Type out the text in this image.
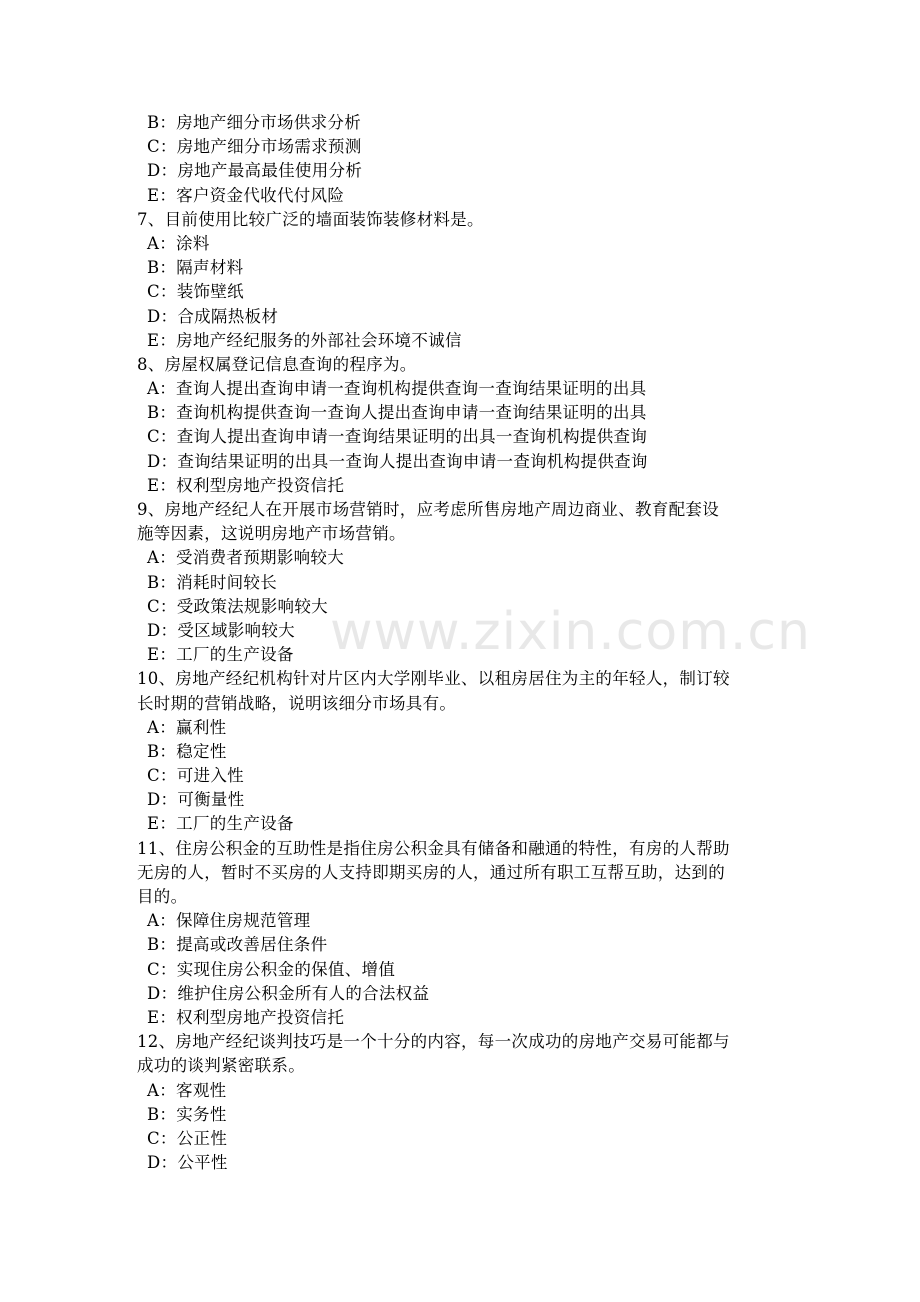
www.zixin.com.cn
B：房地产细分市场供求分析
C：房地产细分市场需求预测
D：房地产最高最佳使用分析
E：客户资金代收代付风险
7、目前使用比较广泛的墙面装饰装修材料是。
A：涂料
B：隔声材料
C：装饰壁纸
D：合成隔热板材
E：房地产经纪服务的外部社会环境不诚信
8、房屋权属登记信息查询的程序为。
A：查询人提出查询申请一查询机构提供查询一查询结果证明的出具
B：查询机构提供查询一查询人提出查询申请一查询结果证明的出具
C：查询人提出查询申请一查询结果证明的出具一查询机构提供查询
D：查询结果证明的出具一查询人提出查询申请一查询机构提供查询
E：权利型房地产投资信托
9、房地产经纪人在开展市场营销时，应考虑所售房地产周边商业、教育配套设
施等因素，这说明房地产市场营销。
A：受消费者预期影响较大
B：消耗时间较长
C：受政策法规影响较大
D：受区域影响较大
E：工厂的生产设备
10、房地产经纪机构针对片区内大学刚毕业、以租房居住为主的年轻人，制订较
长时期的营销战略，说明该细分市场具有。
A：赢利性
B：稳定性
C：可进入性
D：可衡量性
E：工厂的生产设备
11、住房公积金的互助性是指住房公积金具有储备和融通的特性，有房的人帮助
无房的人，暂时不买房的人支持即期买房的人，通过所有职工互帮互助，达到的
目的。
A：保障住房规范管理
B：提高或改善居住条件
C：实现住房公积金的保值、增值
D：维护住房公积金所有人的合法权益
E：权利型房地产投资信托
12、房地产经纪谈判技巧是一个十分的内容，每一次成功的房地产交易可能都与
成功的谈判紧密联系。
A：客观性
B：实务性
C：公正性
D：公平性
